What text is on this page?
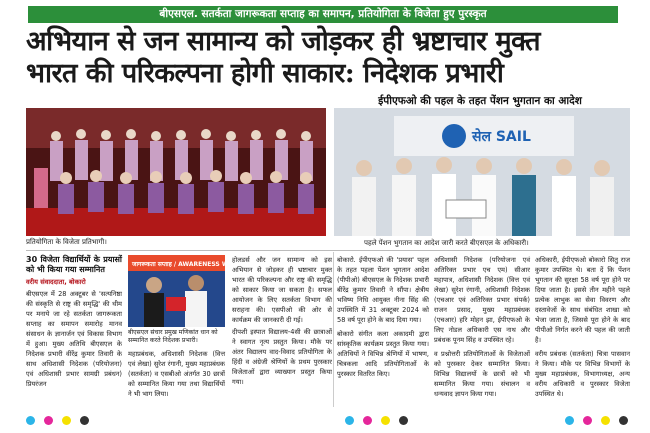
बीएसएल. सतर्कता जागरूकता सप्ताह का समापन, प्रतियोगिता के विजेता हुए पुरस्कृत
अभियान से जन सामान्य को जोड़कर ही भ्रष्टाचार मुक्त
भारत की परिकल्पना होगी साकार: निदेशक प्रभारी
ईपीएफओ की पहल के तहत पेंशन भुगतान का आदेश
प्रतियोगिता के विजेता प्रतिभागी।
सेल SAIL
पहले पेंशन भुगतान का आदेश जारी करते बीएसएल के अधिकारी।
जागरूकता सप्ताह / AWARENESS WEEK
बीएसएल संचार प्रमुख मणिकांत धान को सम्मानित करते निदेशक प्रभारी।
30 विजेता विद्यार्थियों के प्रयासों को भी किया गया सम्मानित
वरीय संवाददाता, बोकारो
बीएसएल में 28 अक्टूबर से 'सत्यनिष्ठा की संस्कृति से राष्ट्र की समृद्धि' की थीम पर मनाये जा रहे सतर्कता जागरूकता सप्ताह का समापन समारोह मानव संसाधन के ज्ञानार्जन एवं विकास विभाग में हुआ। मुख्य अतिथि बीएसएल के निदेशक प्रभारी वीरेंद्र कुमार तिवारी के साथ अधिशासी निदेशक (परियोजना) एवं अधिशासी प्रभार सामग्री प्रबंधन) प्रियरंजन
महाप्रबंधक, अधिशासी निदेशक (वित्त एवं लेखा) सुरेश रंगानी, मुख्य महाप्रबंधक (सतर्कता) व एसबीओ अंतर्गत 30 छात्रों को सम्मानित किया गया तथा विद्यार्थियों ने भी भाग लिया।
होलडर्स और जन सामान्य को इस अभियान से जोड़कर ही भ्रष्टाचार मुक्त भारत की परिकल्पना और राष्ट्र की समृद्धि को साकार किया जा सकता है। सफल आयोजन के लिए सतर्कता विभाग की सराहना की। एसपीओ की ओर से कार्यक्रम की जानकारी दी गई।
दीपशी इस्पात विद्यालय-4सी की छात्राओं ने स्वागत नृत्य प्रस्तुत किया। मौके पर अंतर विद्यालय वाद-विवाद प्रतियोगिता के हिंदी व अंग्रेजी श्रेणियों के प्रथम पुरस्कार विजेताओं द्वारा व्याख्यान प्रस्तुत किया गया।
बोकारो. ईपीएफओ की 'प्रयास' पहल के तहत पहला पेंशन भुगतान आदेश (पीपीओ) बीएसएल के निदेशक प्रभारी बीरेंद्र कुमार तिवारी ने सौंपा। क्षेत्रीय भविष्य निधि आयुक्त नीना सिंह की उपस्थिति में 31 अक्टूबर 2024 को 58 वर्ष पूरा होने के बाद दिया गया।
बोकारो संगीत कला अकादमी द्वारा सांस्कृतिक कार्यक्रम प्रस्तुत किया गया। अतिथियों ने विभिन्न श्रेणियों में भाषण, चित्रकला आदि प्रतियोगिताओं के पुरस्कार वितरित किए।
अधिशासी निदेशक (परियोजना एवं अतिरिक्त प्रभार एच एम) सीआर महापात्र, अधिशासी निदेशक (वित्त एवं लेखा) सुरेश रंगानी, अधिशासी निदेशक (एचआर एवं अतिरिक्त प्रभार संपर्क) राजन प्रसाद, मुख्य महाप्रबंधक (एचआर) हरि मोहन झा, ईपीएफओ के लिए नोडल अधिकारी एस नाथ और प्रबंधक पूनम सिंह व उपस्थित रहे।
व प्रश्नोत्तरी प्रतियोगिताओं के विजेताओं को पुरस्कार देकर सम्मानित किया। विभिन्न विद्यालयों के छात्रों को भी सम्मानित किया गया। संचालन व धन्यवाद ज्ञापन किया गया।
अधिकारी, ईपीएफओ बोकारो सितु राज कुमार उपस्थित थे। बता दें कि पेंशन भुगतान की सुरक्षा 58 वर्ष पूरा होने पर दिया जाता है। इससे तीन महीने पहले प्रत्येक लाभुक का सेवा विवरण और दस्तावेजों के साथ संबंधित शाखा को भेजा जाता है, जिससे पूरा होने के बाद पीपीओ निर्गत करने की पहल की जाती है।
वरीय प्रबंधक (सतर्कता) चित्रा पासवान ने किया। मौके पर विभिन्न विभागों के मुख्य महाप्रबंधक, विभागाध्यक्ष, अन्य वरीय अधिकारी व पुरस्कार विजेता उपस्थित थे।
